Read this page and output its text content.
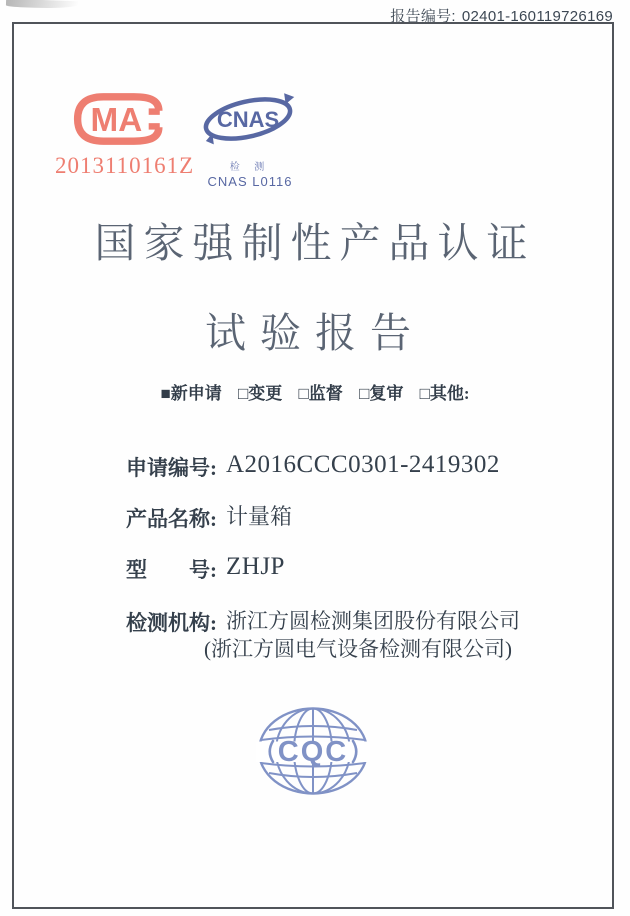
报告编号: 02401-160119726169
MA
2013110161Z
CNAS
检 测
CNAS L0116
国家强制性产品认证
试验报告
■新申请 □变更 □监督 □复审 □其他:
申请编号: A2016CCC0301-2419302
产品名称: 计量箱
型　　号: ZHJP
检测机构: 浙江方圆检测集团股份有限公司
(浙江方圆电气设备检测有限公司)
CQC
